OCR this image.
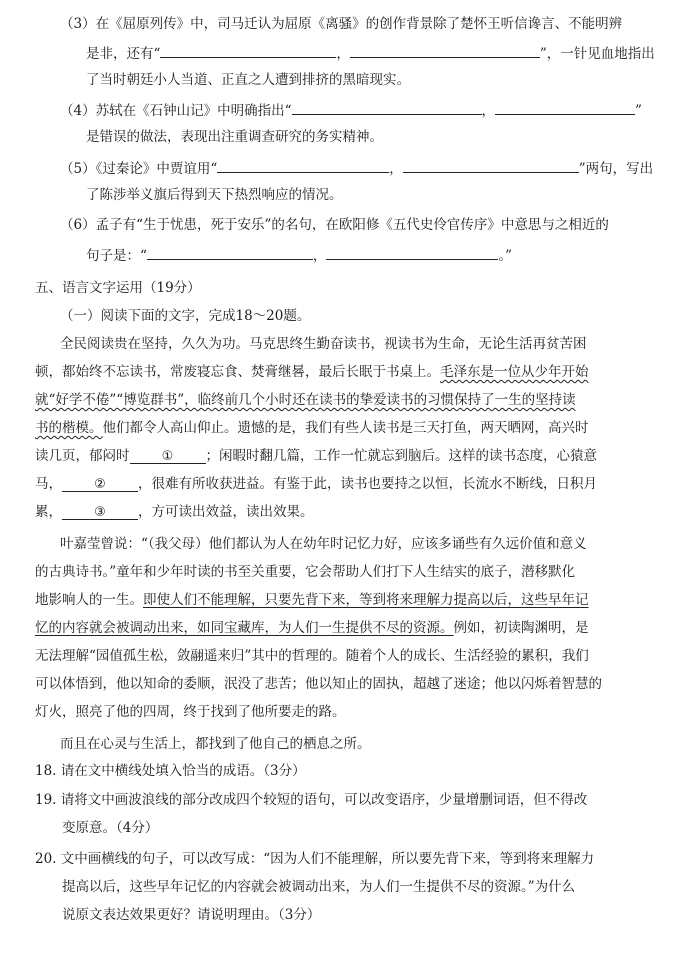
（3）在《屈原列传》中，司马迁认为屈原《离骚》的创作背景除了楚怀王听信谗言、不能明辨
是非，还有“	，	”，一针见血地指出
了当时朝廷小人当道、正直之人遭到排挤的黑暗现实。
（4）苏轼在《石钟山记》中明确指出“	，	”
是错误的做法，表现出注重调查研究的务实精神。
（5）《过秦论》中贾谊用“	，	”两句，写出
了陈涉举义旗后得到天下热烈响应的情况。
（6）孟子有“生于忧患，死于安乐”的名句，在欧阳修《五代史伶官传序》中意思与之相近的
句子是：“	，	。”
五、语言文字运用（19分）
（一）阅读下面的文字，完成18～20题。
全民阅读贵在坚持，久久为功。马克思终生勤奋读书，视读书为生命，无论生活再贫苦困
顿，都始终不忘读书，常废寝忘食、焚膏继晷，最后长眠于书桌上。毛泽东是一位从少年开始
就“好学不倦”“博览群书”，临终前几个小时还在读书的挚爱读书的习惯保持了一生的坚持读
书的楷模。他们都令人高山仰止。遗憾的是，我们有些人读书是三天打鱼，两天晒网，高兴时
读几页，郁闷时 ① ；闲暇时翻几篇，工作一忙就忘到脑后。这样的读书态度，心猿意
马， ② ，很难有所收获进益。有鉴于此，读书也要持之以恒，长流水不断线，日积月
累， ③ ，方可读出效益，读出效果。
叶嘉莹曾说：“（我父母）他们都认为人在幼年时记忆力好，应该多诵些有久远价值和意义
的古典诗书。”童年和少年时读的书至关重要，它会帮助人们打下人生结实的底子，潜移默化
地影响人的一生。即使人们不能理解，只要先背下来，等到将来理解力提高以后，这些早年记
忆的内容就会被调动出来，如同宝藏库，为人们一生提供不尽的资源。例如，初读陶渊明，是
无法理解“园值孤生松，敛翮遥来归”其中的哲理的。随着个人的成长、生活经验的累积，我们
可以体悟到，他以知命的委顺，泯没了悲苦；他以知止的固执，超越了迷途；他以闪烁着智慧的
灯火，照亮了他的四周，终于找到了他所要走的路。
而且在心灵与生活上，都找到了他自己的栖息之所。
18. 请在文中横线处填入恰当的成语。（3分）
19. 请将文中画波浪线的部分改成四个较短的语句，可以改变语序，少量增删词语，但不得改
变原意。（4分）
20. 文中画横线的句子，可以改写成：“因为人们不能理解，所以要先背下来，等到将来理解力
提高以后，这些早年记忆的内容就会被调动出来，为人们一生提供不尽的资源。”为什么
说原文表达效果更好？请说明理由。（3分）
